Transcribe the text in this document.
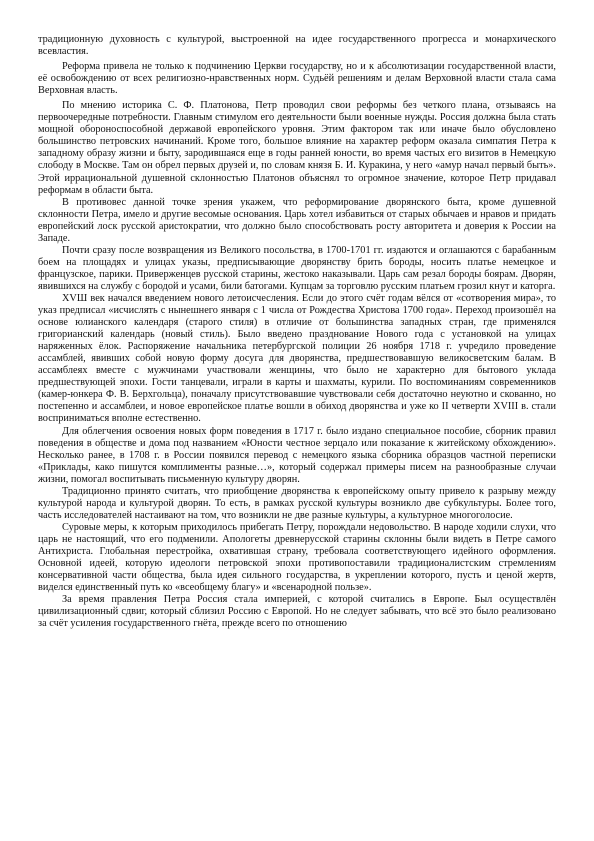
традиционную духовность с культурой, выстроенной на идее государственного прогресса и монархического всевластия.

Реформа привела не только к подчинению Церкви государству, но и к абсолютизации государственной власти, её освобождению от всех религиозно-нравственных норм. Судьёй решениям и делам Верховной власти стала сама Верховная власть.

По мнению историка С. Ф. Платонова, Петр проводил свои реформы без четкого плана, отзываясь на первоочередные потребности. Главным стимулом его деятельности были военные нужды. Россия должна была стать мощной обороноспособной державой европейского уровня. Этим фактором так или иначе было обусловлено большинство петровских начинаний. Кроме того, большое влияние на характер реформ оказала симпатия Петра к западному образу жизни и быту, зародившаяся еще в годы ранней юности, во время частых его визитов в Немецкую слободу в Москве. Там он обрел первых друзей и, по словам князя Б. И. Куракина, у него «амур начал первый быть». Этой иррациональной душевной склонностью Платонов объяснял то огромное значение, которое Петр придавал реформам в области быта.

В противовес данной точке зрения укажем, что реформирование дворянского быта, кроме душевной склонности Петра, имело и другие весомые основания. Царь хотел избавиться от старых обычаев и нравов и придать европейский лоск русской аристократии, что должно было способствовать росту авторитета и доверия к России на Западе.

Почти сразу после возвращения из Великого посольства, в 1700-1701 гг. издаются и оглашаются с барабанным боем на площадях и улицах указы, предписывающие дворянству брить бороды, носить платье немецкое и французское, парики. Приверженцев русской старины, жестоко наказывали. Царь сам резал бороды боярам. Дворян, явившихся на службу с бородой и усами, били батогами. Купцам за торговлю русским платьем грозил кнут и каторга.

ХVШ век начался введением нового летоисчесления. Если до этого счёт годам вёлся от «сотворения мира», то указ предписал «исчислять с нынешнего января с 1 числа от Рождества Христова 1700 года». Переход произошёл на основе юлианского календаря (старого стиля) в отличие от большинства западных стран, где применялся григорианский календарь (новый стиль). Было введено празднование Нового года с установкой на улицах наряженных ёлок. Распоряжение начальника петербургской полиции 26 ноября 1718 г. учредило проведение ассамблей, явивших собой новую форму досуга для дворянства, предшествовавшую великосветским балам. В ассамблеях вместе с мужчинами участвовали женщины, что было не характерно для бытового уклада предшествующей эпохи. Гости танцевали, играли в карты и шахматы, курили. По воспоминаниям современников (камер-юнкера Ф. В. Берхгольца), поначалу присутствовавшие чувствовали себя достаточно неуютно и скованно, но постепенно и ассамблеи, и новое европейское платье вошли в обиход дворянства и уже ко II четверти XVIII в. стали восприниматься вполне естественно.

Для облегчения освоения новых форм поведения в 1717 г. было издано специальное пособие, сборник правил поведения в обществе и дома под названием «Юности честное зерцало или показание к житейскому обхождению». Несколько ранее, в 1708 г. в России появился перевод с немецкого языка сборника образцов частной переписки «Приклады, како пишутся комплименты разные…», который содержал примеры писем на разнообразные случаи жизни, помогал воспитывать письменную культуру дворян.

Традиционно принято считать, что приобщение дворянства к европейскому опыту привело к разрыву между культурой народа и культурой дворян. То есть, в рамках русской культуры возникло две субкультуры. Более того, часть исследователей настаивают на том, что возникли не две разные культуры, а культурное многоголосие.

Суровые меры, к которым приходилось прибегать Петру, порождали недовольство. В народе ходили слухи, что царь не настоящий, что его подменили. Апологеты древнерусской старины склонны были видеть в Петре самого Антихриста. Глобальная перестройка, охватившая страну, требовала соответствующего идейного оформления. Основной идеей, которую идеологи петровской эпохи противопоставили традиционалистским стремлениям консервативной части общества, была идея сильного государства, в укреплении которого, пусть и ценой жертв, виделся единственный путь ко «всеобщему благу» и «всенародной пользе».

За время правления Петра Россия стала империей, с которой считались в Европе. Был осуществлён цивилизационный сдвиг, который сблизил Россию с Европой. Но не следует забывать, что всё это было реализовано за счёт усиления государственного гнёта, прежде всего по отношению
